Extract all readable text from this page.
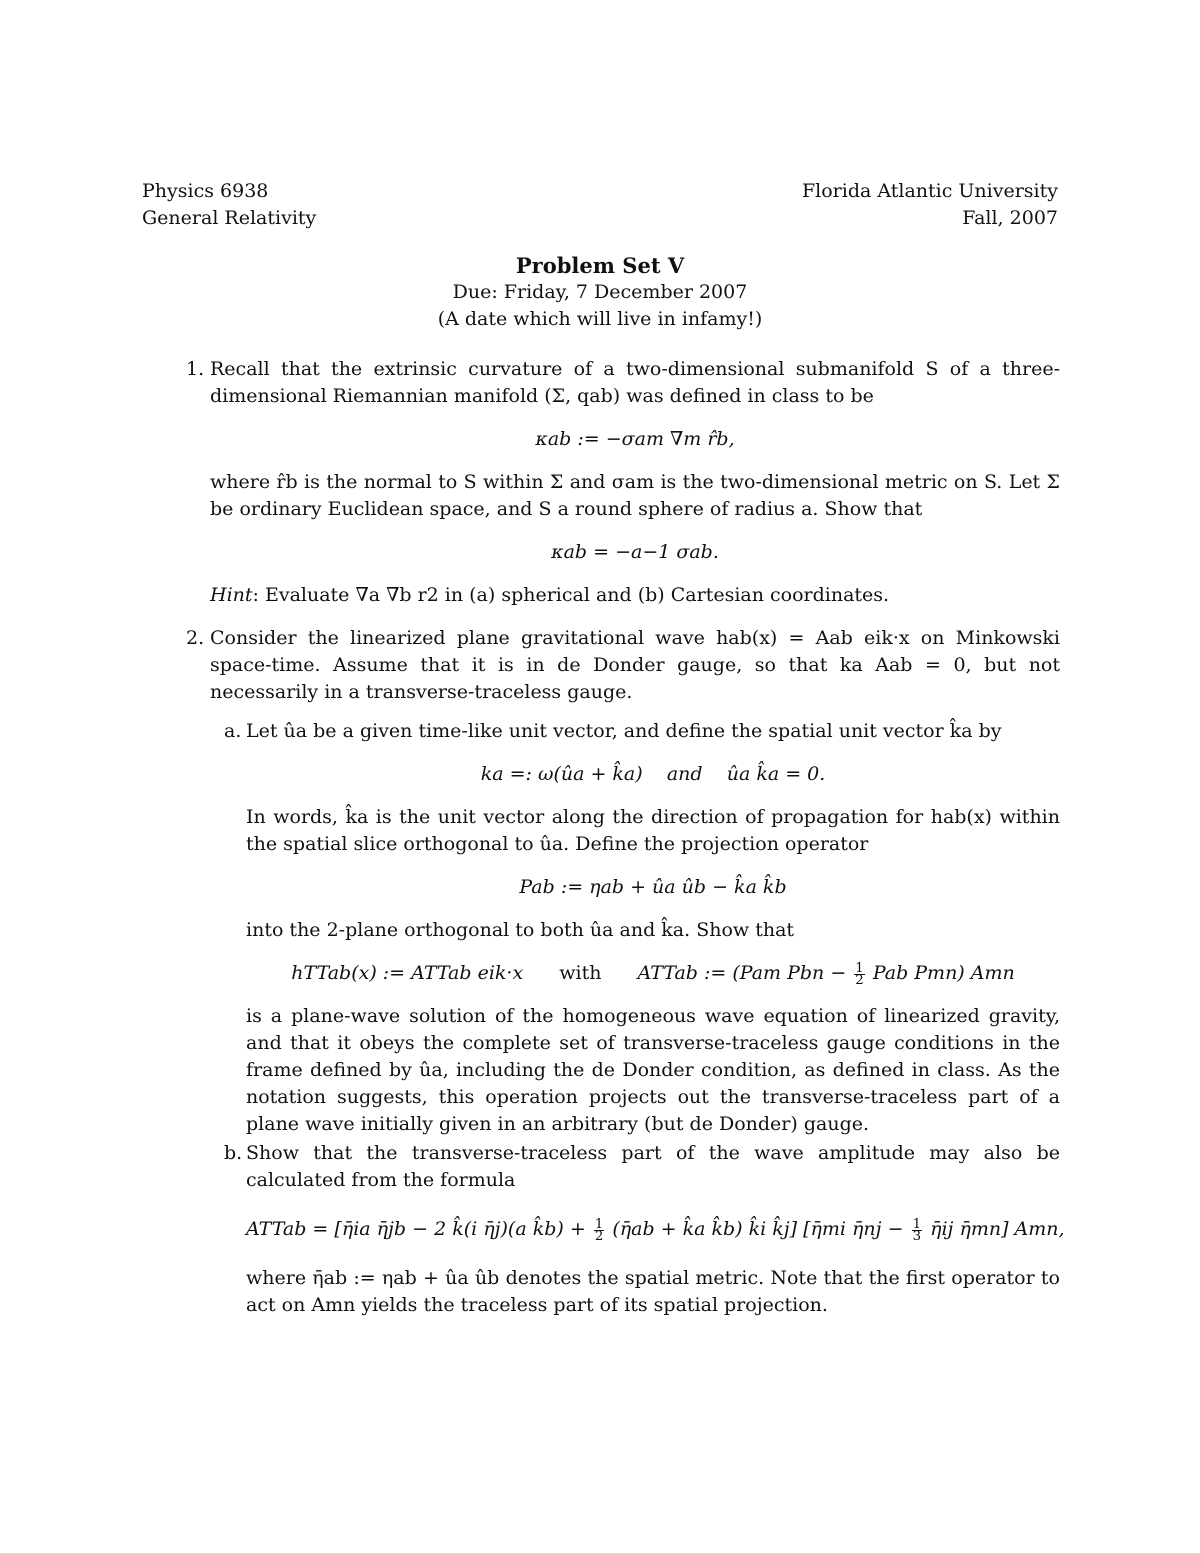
Physics 6938
General Relativity
Florida Atlantic University
Fall, 2007
Problem Set V
Due: Friday, 7 December 2007
(A date which will live in infamy!)
1. Recall that the extrinsic curvature of a two-dimensional submanifold S of a three-dimensional Riemannian manifold (Σ, qab) was defined in class to be

κab := −σam ∇m r̂b,

where r̂b is the normal to S within Σ and σam is the two-dimensional metric on S. Let Σ be ordinary Euclidean space, and S a round sphere of radius a. Show that

κab = −a−1 σab.

Hint: Evaluate ∇a ∇b r2 in (a) spherical and (b) Cartesian coordinates.

2. Consider the linearized plane gravitational wave hab(x) = Aab eik·x on Minkowski space-time. Assume that it is in de Donder gauge, so that ka Aab = 0, but not necessarily in a transverse-traceless gauge.

a. Let ûa be a given time-like unit vector, and define the spatial unit vector k̂a by

ka =: ω(ûa + k̂a)    and    ûa k̂a = 0.

In words, k̂a is the unit vector along the direction of propagation for hab(x) within the spatial slice orthogonal to ûa. Define the projection operator

Pab := ηab + ûa ûb − k̂a k̂b

into the 2-plane orthogonal to both ûa and k̂a. Show that

hTTab(x) := ATTab eik·x with ATTab := (Pam Pbn − $\frac{1}{2}$ Pab Pmn) Amn

is a plane-wave solution of the homogeneous wave equation of linearized gravity, and that it obeys the complete set of transverse-traceless gauge conditions in the frame defined by ûa, including the de Donder condition, as defined in class. As the notation suggests, this operation projects out the transverse-traceless part of a plane wave initially given in an arbitrary (but de Donder) gauge.

b. Show that the transverse-traceless part of the wave amplitude may also be calculated from the formula

ATTab = [η̄ia η̄jb − 2 k̂(i η̄j)(a k̂b) + $\frac{1}{2}$ (η̄ab + k̂a k̂b) k̂i k̂j] [η̄mi η̄nj − $\frac{1}{3}$ η̄ij η̄mn] Amn,

where η̄ab := ηab + ûa ûb denotes the spatial metric. Note that the first operator to act on Amn yields the traceless part of its spatial projection.
